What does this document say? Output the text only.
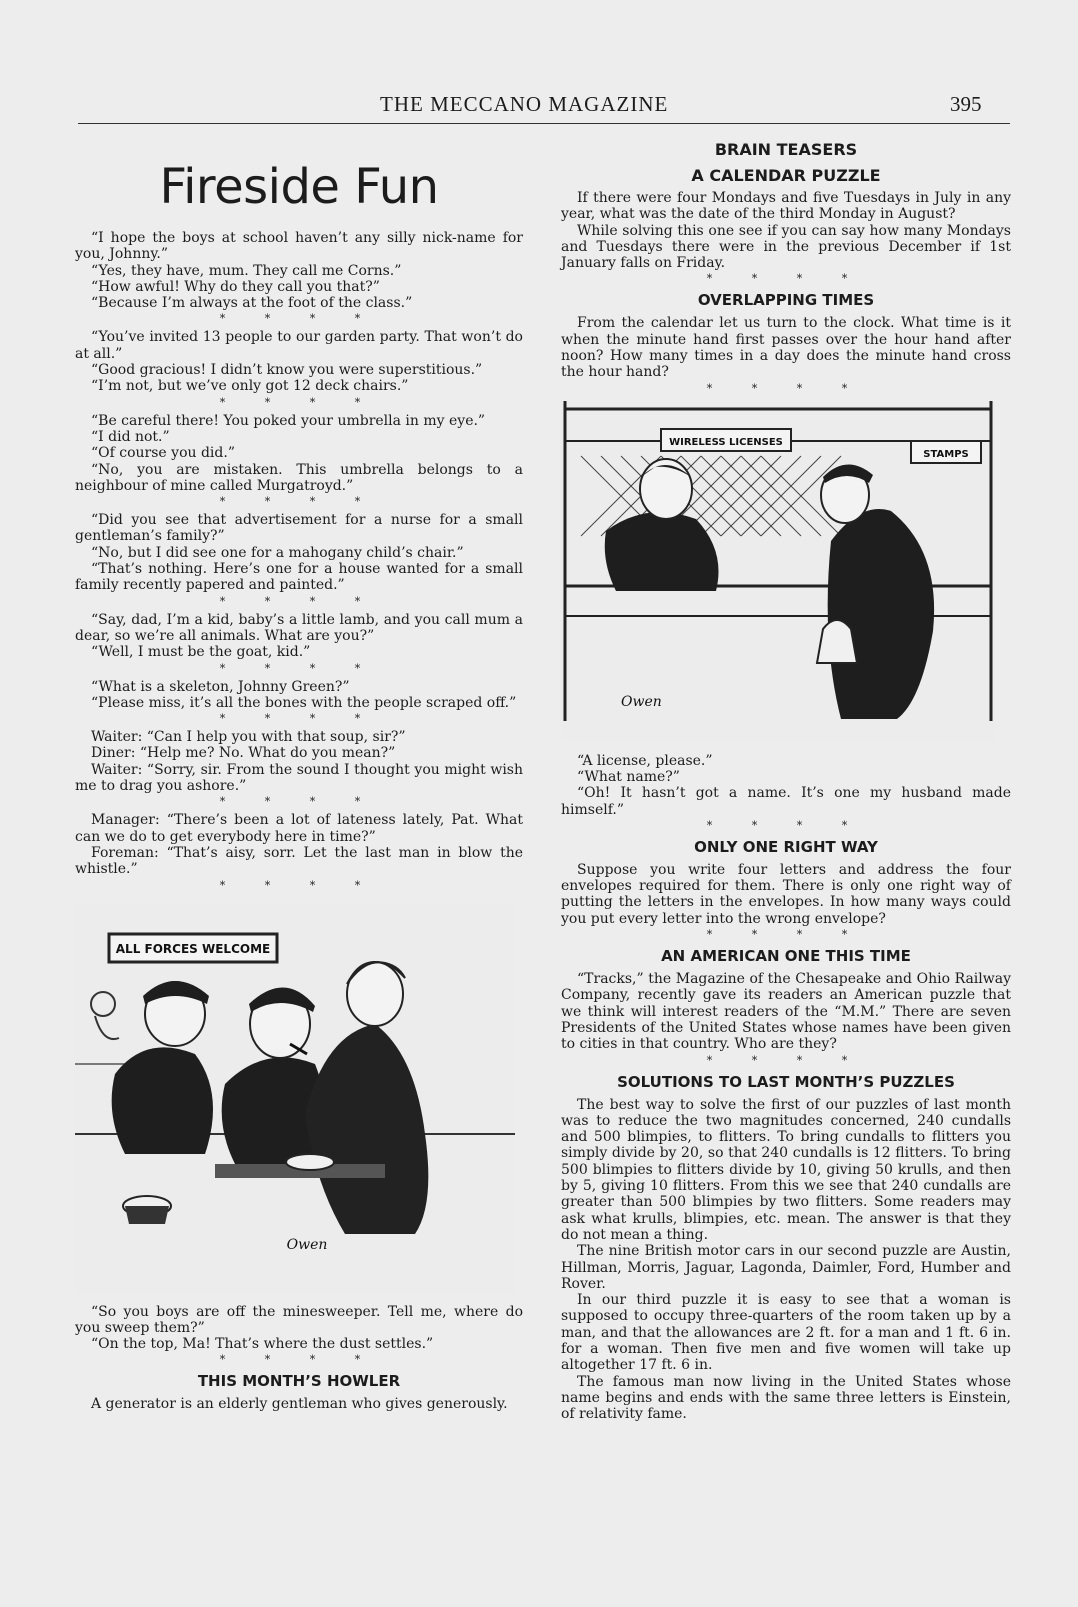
THE MECCANO MAGAZINE	395
Fireside Fun

“I hope the boys at school haven’t any silly nick-name for you, Johnny.”

“Yes, they have, mum. They call me Corns.”

“How awful! Why do they call you that?”

“Because I’m always at the foot of the class.”

* * * *

“You’ve invited 13 people to our garden party. That won’t do at all.”

“Good gracious! I didn’t know you were superstitious.”

“I’m not, but we’ve only got 12 deck chairs.”

* * * *

“Be careful there! You poked your umbrella in my eye.”

“I did not.”

“Of course you did.”

“No, you are mistaken. This umbrella belongs to a neighbour of mine called Murgatroyd.”

* * * *

“Did you see that advertisement for a nurse for a small gentleman’s family?”

“No, but I did see one for a mahogany child’s chair.”

“That’s nothing. Here’s one for a house wanted for a small family recently papered and painted.”

* * * *

“Say, dad, I’m a kid, baby’s a little lamb, and you call mum a dear, so we’re all animals. What are you?”

“Well, I must be the goat, kid.”

* * * *

“What is a skeleton, Johnny Green?”

“Please miss, it’s all the bones with the people scraped off.”

* * * *

Waiter: “Can I help you with that soup, sir?”

Diner: “Help me? No. What do you mean?”

Waiter: “Sorry, sir. From the sound I thought you might wish me to drag you ashore.”

* * * *

Manager: “There’s been a lot of lateness lately, Pat. What can we do to get everybody here in time?”

Foreman: “That’s aisy, sorr. Let the last man in blow the whistle.”

* * * *
ALL FORCES WELCOME
Owen

“So you boys are off the minesweeper. Tell me, where do you sweep them?”

“On the top, Ma! That’s where the dust settles.”

* * * *
THIS MONTH’S HOWLER

A generator is an elderly gentleman who gives generously.

BRAIN TEASERS
A CALENDAR PUZZLE

If there were four Mondays and five Tuesdays in July in any year, what was the date of the third Monday in August?

While solving this one see if you can say how many Mondays and Tuesdays there were in the previous December if 1st January falls on Friday.

* * * *
OVERLAPPING TIMES

From the calendar let us turn to the clock. What time is it when the minute hand first passes over the hour hand after noon? How many times in a day does the minute hand cross the hour hand?

* * * *
WIRELESS LICENSES
STAMPS
Owen

“A license, please.”

“What name?”

“Oh! It hasn’t got a name. It’s one my husband made himself.”

* * * *
ONLY ONE RIGHT WAY

Suppose you write four letters and address the four envelopes required for them. There is only one right way of putting the letters in the envelopes. In how many ways could you put every letter into the wrong envelope?

* * * *
AN AMERICAN ONE THIS TIME

“Tracks,” the Magazine of the Chesapeake and Ohio Railway Company, recently gave its readers an American puzzle that we think will interest readers of the “M.M.” There are seven Presidents of the United States whose names have been given to cities in that country. Who are they?

* * * *
SOLUTIONS TO LAST MONTH’S PUZZLES

The best way to solve the first of our puzzles of last month was to reduce the two magnitudes concerned, 240 cundalls and 500 blimpies, to flitters. To bring cundalls to flitters you simply divide by 20, so that 240 cundalls is 12 flitters. To bring 500 blimpies to flitters divide by 10, giving 50 krulls, and then by 5, giving 10 flitters. From this we see that 240 cundalls are greater than 500 blimpies by two flitters. Some readers may ask what krulls, blimpies, etc. mean. The answer is that they do not mean a thing.

The nine British motor cars in our second puzzle are Austin, Hillman, Morris, Jaguar, Lagonda, Daimler, Ford, Humber and Rover.

In our third puzzle it is easy to see that a woman is supposed to occupy three-quarters of the room taken up by a man, and that the allowances are 2 ft. for a man and 1 ft. 6 in. for a woman. Then five men and five women will take up altogether 17 ft. 6 in.

The famous man now living in the United States whose name begins and ends with the same three letters is Einstein, of relativity fame.
